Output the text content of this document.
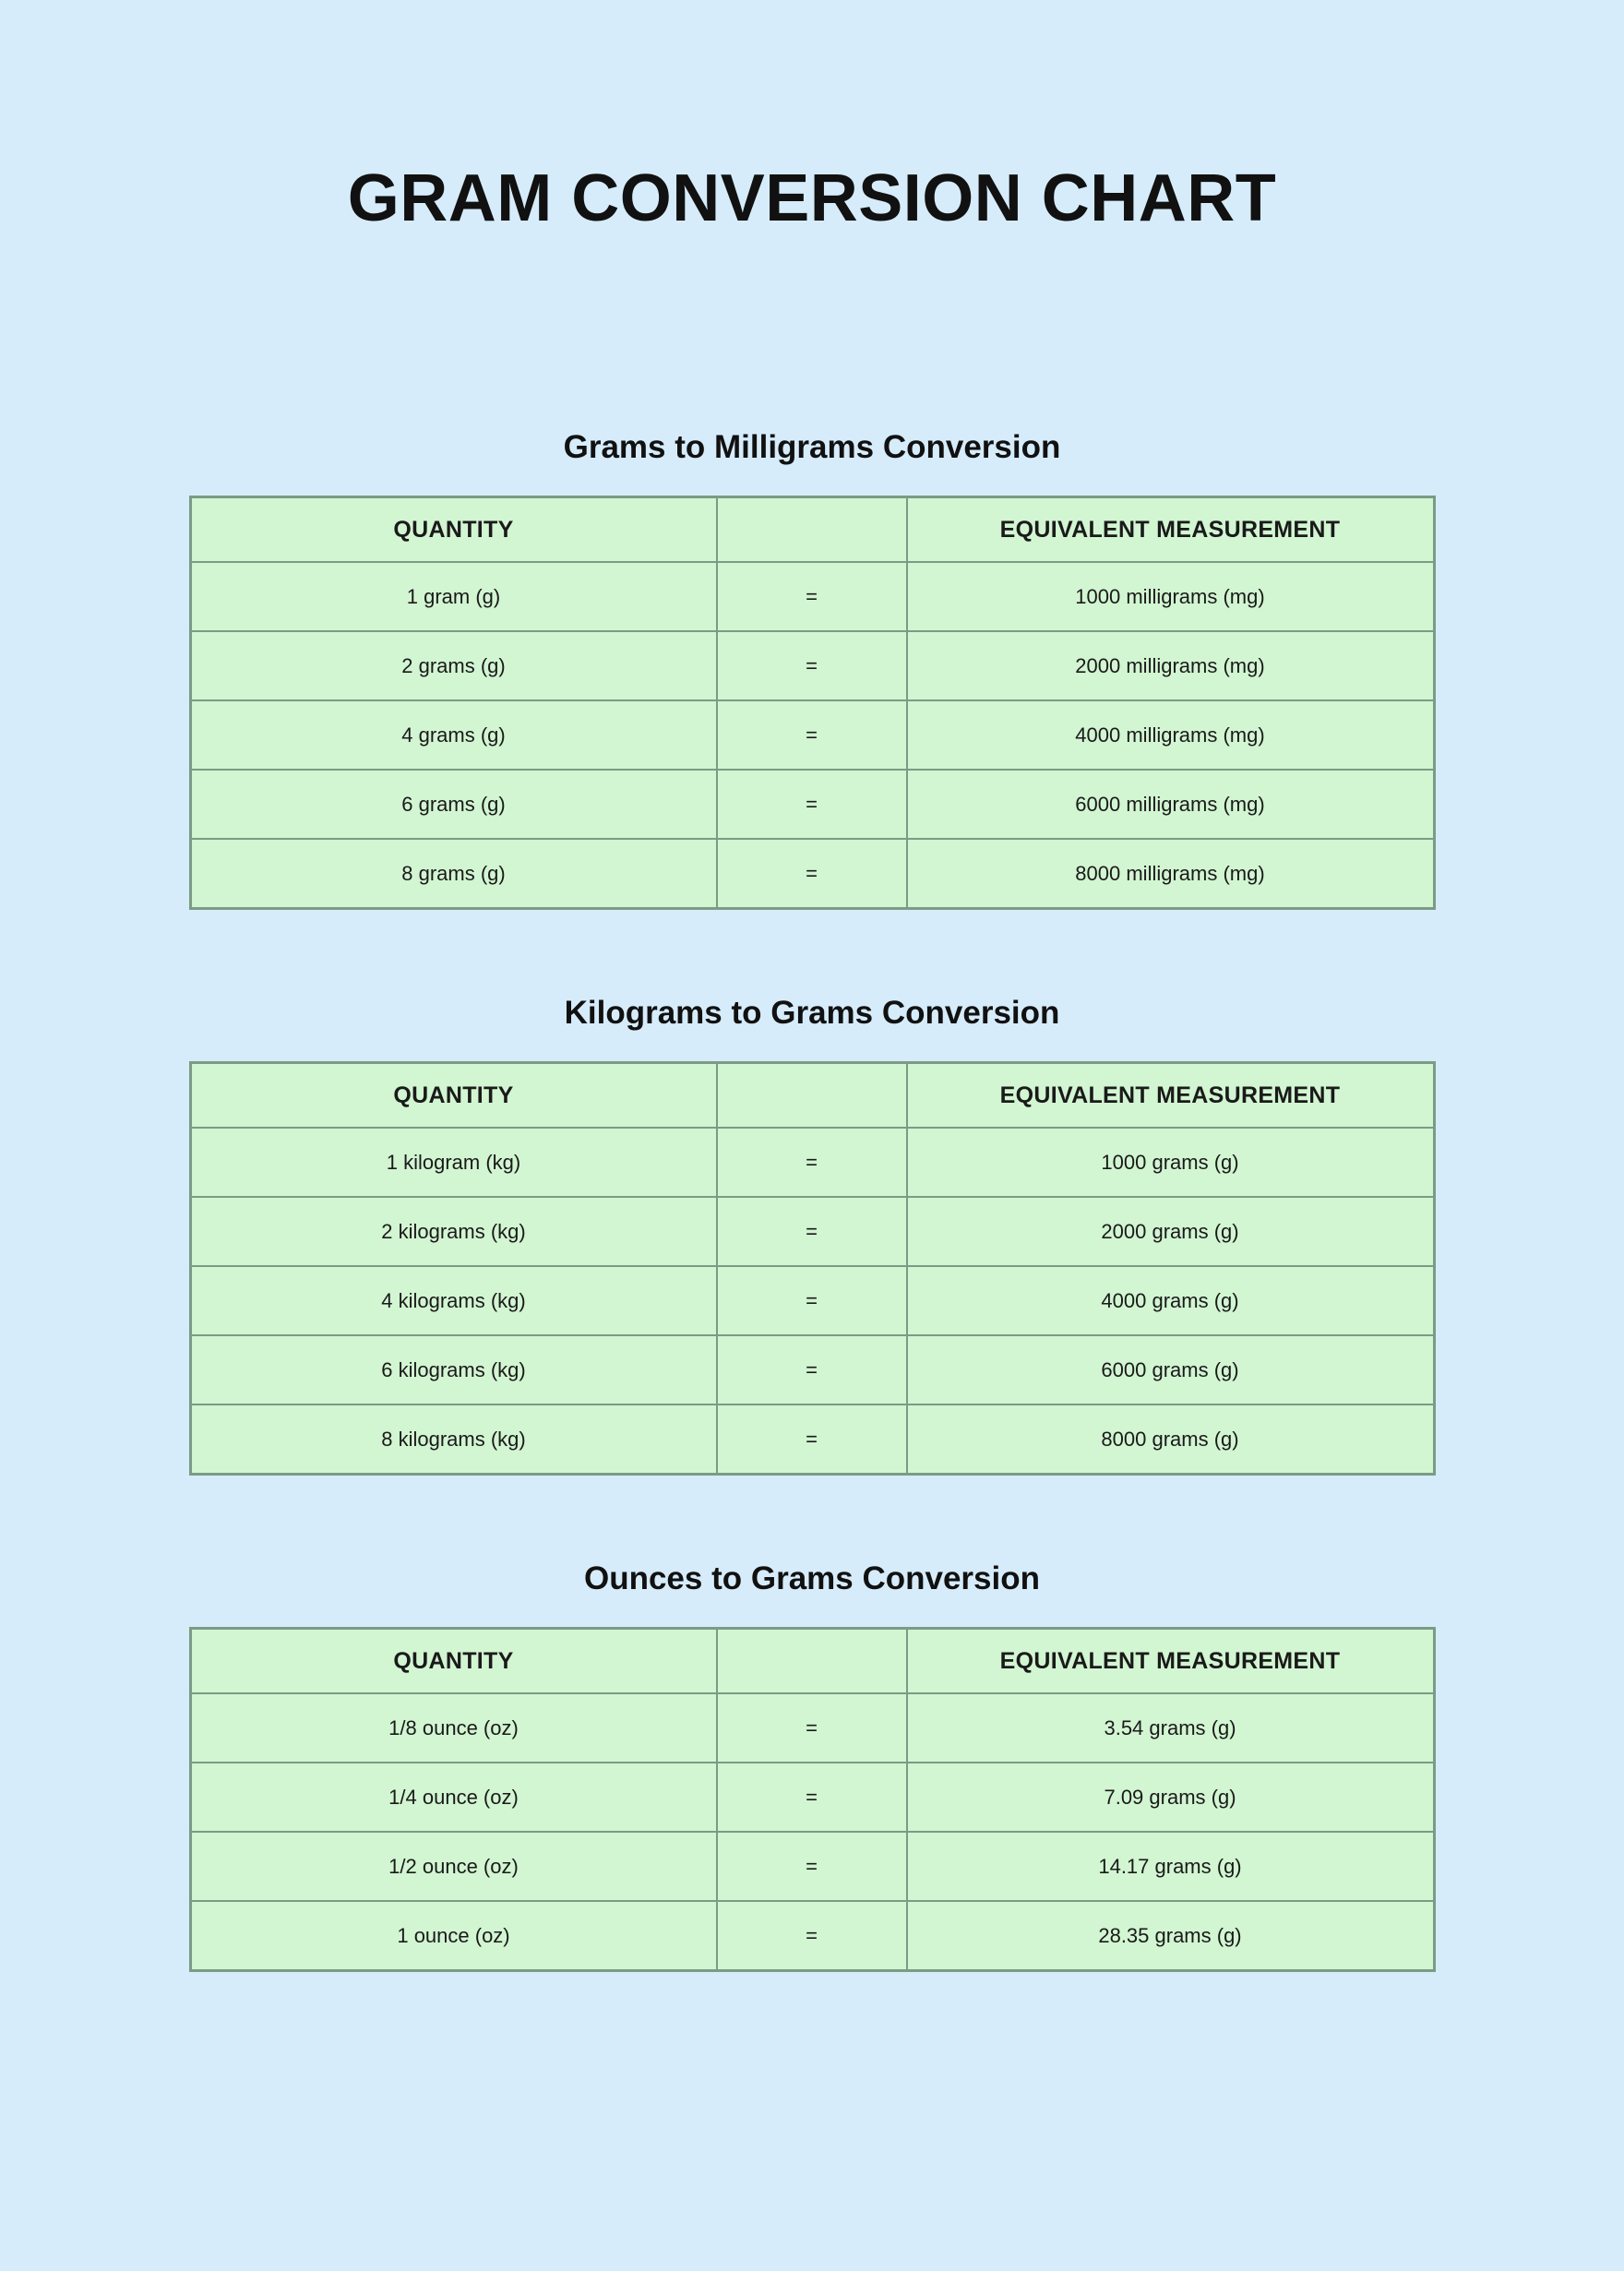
GRAM CONVERSION CHART
Grams to Milligrams Conversion
QUANTITY		EQUIVALENT MEASUREMENT
1 gram (g)	=	1000 milligrams (mg)
2 grams (g)	=	2000 milligrams (mg)
4 grams (g)	=	4000 milligrams (mg)
6 grams (g)	=	6000 milligrams (mg)
8 grams (g)	=	8000 milligrams (mg)
Kilograms to Grams Conversion
QUANTITY		EQUIVALENT MEASUREMENT
1 kilogram (kg)	=	1000 grams (g)
2 kilograms (kg)	=	2000 grams (g)
4 kilograms (kg)	=	4000 grams (g)
6 kilograms (kg)	=	6000 grams (g)
8 kilograms (kg)	=	8000 grams (g)
Ounces to Grams Conversion
QUANTITY		EQUIVALENT MEASUREMENT
1/8 ounce (oz)	=	3.54 grams (g)
1/4 ounce (oz)	=	7.09 grams (g)
1/2 ounce (oz)	=	14.17 grams (g)
1 ounce (oz)	=	28.35 grams (g)
